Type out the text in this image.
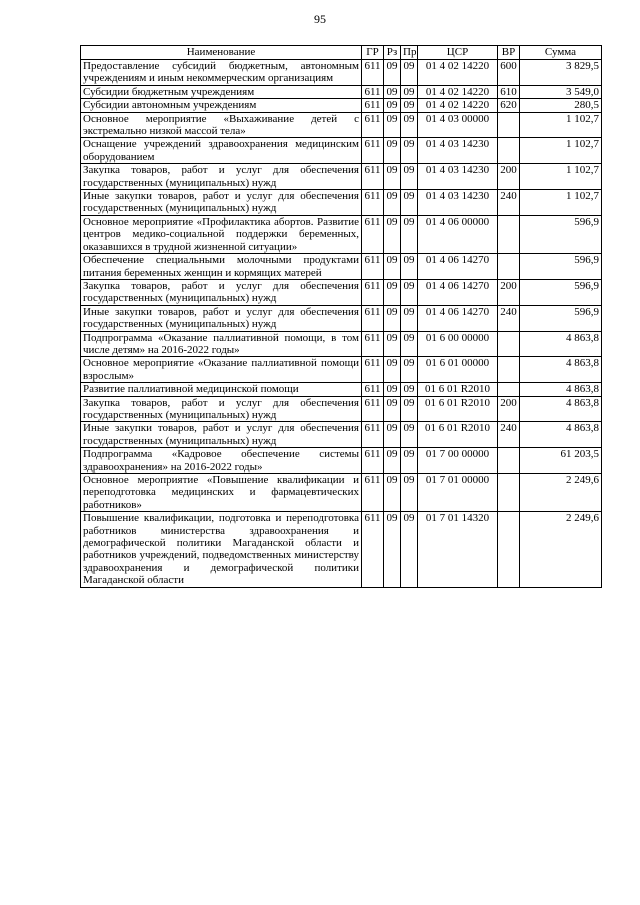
95
Наименование	ГР	Рз	Пр	ЦСР	ВР	Сумма
Предоставление субсидий бюджетным, автономным учреждениям и иным некоммерческим организациям	611	09	09	01 4 02 14220	600	3 829,5
Субсидии бюджетным учреждениям	611	09	09	01 4 02 14220	610	3 549,0
Субсидии автономным учреждениям	611	09	09	01 4 02 14220	620	280,5
Основное мероприятие «Выхаживание детей с экстремально низкой массой тела»	611	09	09	01 4 03 00000		1 102,7
Оснащение учреждений здравоохранения медицинским оборудованием	611	09	09	01 4 03 14230		1 102,7
Закупка товаров, работ и услуг для обеспечения государственных (муниципальных) нужд	611	09	09	01 4 03 14230	200	1 102,7
Иные закупки товаров, работ и услуг для обеспечения государственных (муниципальных) нужд	611	09	09	01 4 03 14230	240	1 102,7
Основное мероприятие «Профилактика абортов. Развитие центров медико-социальной поддержки беременных, оказавшихся в трудной жизненной ситуации»	611	09	09	01 4 06 00000		596,9
Обеспечение специальными молочными продуктами питания беременных женщин и кормящих матерей	611	09	09	01 4 06 14270		596,9
Закупка товаров, работ и услуг для обеспечения государственных (муниципальных) нужд	611	09	09	01 4 06 14270	200	596,9
Иные закупки товаров, работ и услуг для обеспечения государственных (муниципальных) нужд	611	09	09	01 4 06 14270	240	596,9
Подпрограмма «Оказание паллиативной помощи, в том числе детям» на 2016-2022 годы»	611	09	09	01 6 00 00000		4 863,8
Основное мероприятие «Оказание паллиативной помощи взрослым»	611	09	09	01 6 01 00000		4 863,8
Развитие паллиативной медицинской помощи	611	09	09	01 6 01 R2010		4 863,8
Закупка товаров, работ и услуг для обеспечения государственных (муниципальных) нужд	611	09	09	01 6 01 R2010	200	4 863,8
Иные закупки товаров, работ и услуг для обеспечения государственных (муниципальных) нужд	611	09	09	01 6 01 R2010	240	4 863,8
Подпрограмма «Кадровое обеспечение системы здравоохранения» на 2016-2022 годы»	611	09	09	01 7 00 00000		61 203,5
Основное мероприятие «Повышение квалификации и переподготовка медицинских и фармацевтических работников»	611	09	09	01 7 01 00000		2 249,6
Повышение квалификации, подготовка и переподготовка работников министерства здравоохранения и демографической политики Магаданской области и работников учреждений, подведомственных министерству здравоохранения и демографической политики Магаданской области	611	09	09	01 7 01 14320		2 249,6
